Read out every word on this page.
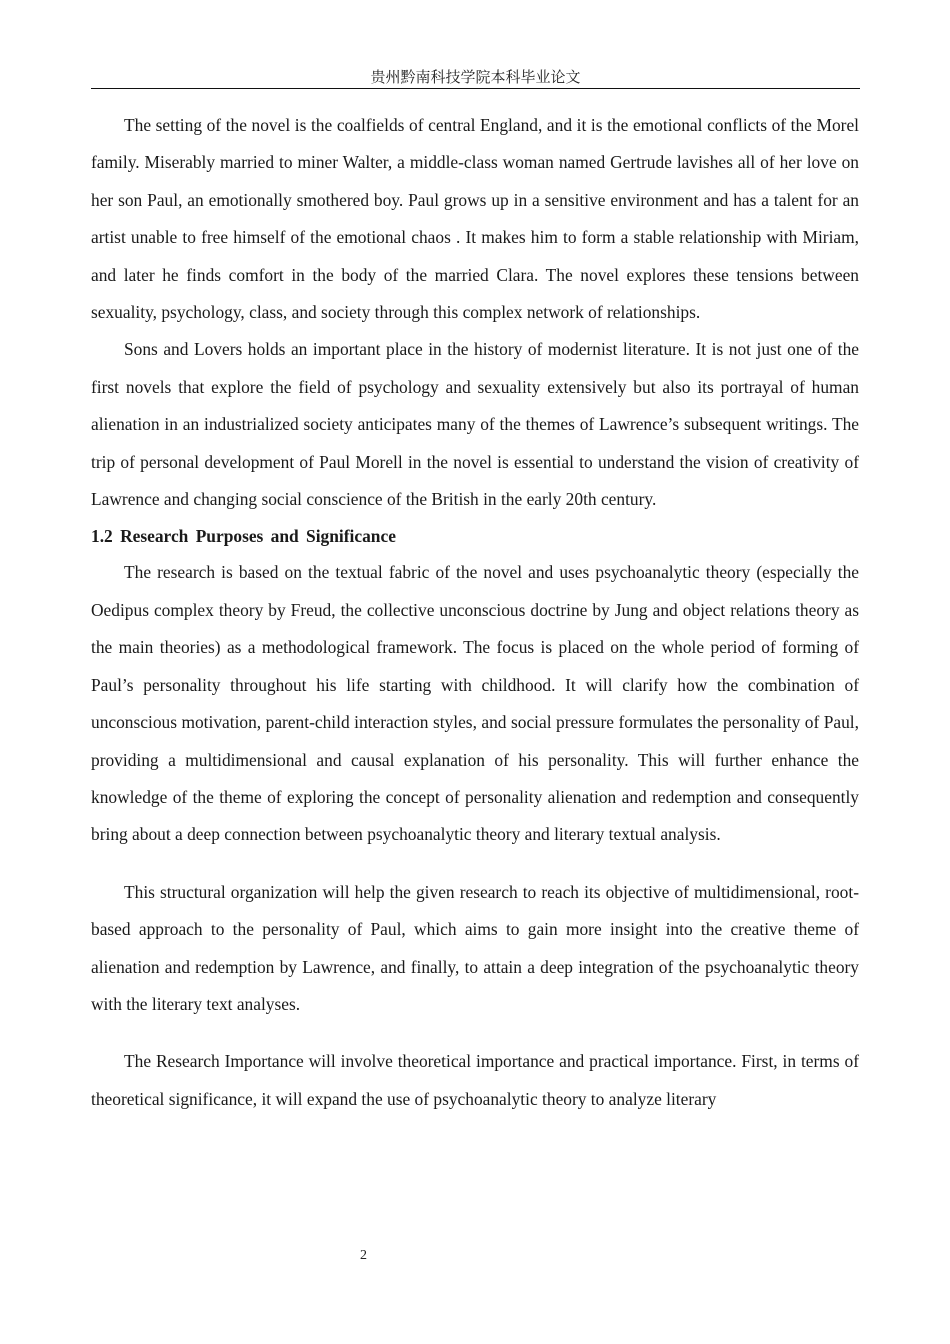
贵州黔南科技学院本科毕业论文

The setting of the novel is the coalfields of central England, and it is the emotional conflicts of the Morel family. Miserably married to miner Walter, a middle-class woman named Gertrude lavishes all of her love on her son Paul, an emotionally smothered boy. Paul grows up in a sensitive environment and has a talent for an artist unable to free himself of the emotional chaos . It makes him to form a stable relationship with Miriam, and later he finds comfort in the body of the married Clara. The novel explores these tensions between sexuality, psychology, class, and society through this complex network of relationships.

Sons and Lovers holds an important place in the history of modernist literature. It is not just one of the first novels that explore the field of psychology and sexuality extensively but also its portrayal of human alienation in an industrialized society anticipates many of the themes of Lawrence’s subsequent writings. The trip of personal development of Paul Morell in the novel is essential to understand the vision of creativity of Lawrence and changing social conscience of the British in the early 20th century.

1.2 Research Purposes and Significance

The research is based on the textual fabric of the novel and uses psychoanalytic theory (especially the Oedipus complex theory by Freud, the collective unconscious doctrine by Jung and object relations theory as the main theories) as a methodological framework. The focus is placed on the whole period of forming of Paul’s personality throughout his life starting with childhood. It will clarify how the combination of unconscious motivation, parent-child interaction styles, and social pressure formulates the personality of Paul, providing a multidimensional and causal explanation of his personality. This will further enhance the knowledge of the theme of exploring the concept of personality alienation and redemption and consequently bring about a deep connection between psychoanalytic theory and literary textual analysis.

This structural organization will help the given research to reach its objective of multidimensional, root-based approach to the personality of Paul, which aims to gain more insight into the creative theme of alienation and redemption by Lawrence, and finally, to attain a deep integration of the psychoanalytic theory with the literary text analyses.

The Research Importance will involve theoretical importance and practical importance. First, in terms of theoretical significance, it will expand the use of psychoanalytic theory to analyze literary

2
